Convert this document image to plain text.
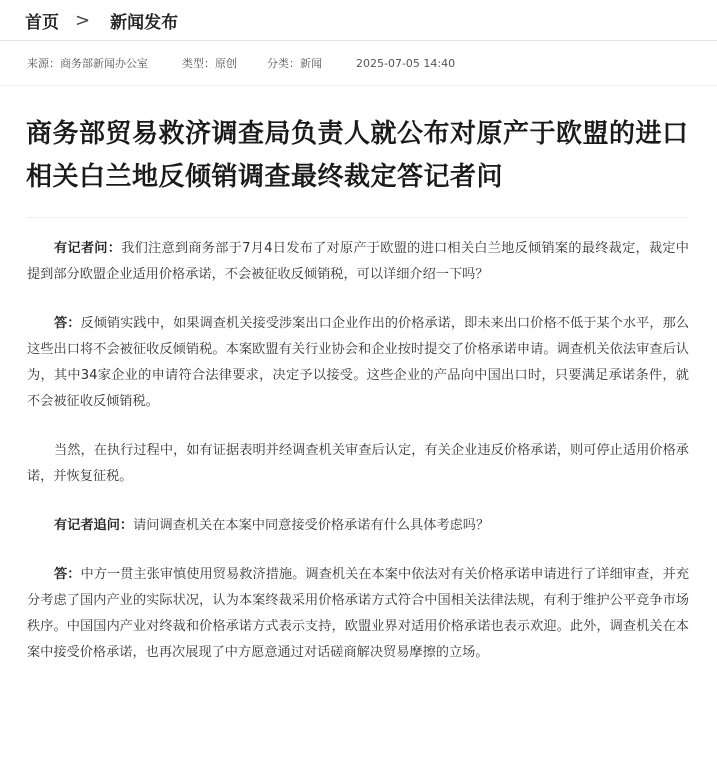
首页 > 新闻发布
来源：商务部新闻办公室	类型：原创	分类：新闻	2025-07-05 14:40
商务部贸易救济调查局负责人就公布对原产于欧盟的进口相关白兰地反倾销调查最终裁定答记者问

有记者问：我们注意到商务部于7月4日发布了对原产于欧盟的进口相关白兰地反倾销案的最终裁定，裁定中提到部分欧盟企业适用价格承诺，不会被征收反倾销税，可以详细介绍一下吗？

答：反倾销实践中，如果调查机关接受涉案出口企业作出的价格承诺，即未来出口价格不低于某个水平，那么这些出口将不会被征收反倾销税。本案欧盟有关行业协会和企业按时提交了价格承诺申请。调查机关依法审查后认为，其中34家企业的申请符合法律要求，决定予以接受。这些企业的产品向中国出口时，只要满足承诺条件，就不会被征收反倾销税。

当然，在执行过程中，如有证据表明并经调查机关审查后认定，有关企业违反价格承诺，则可停止适用价格承诺，并恢复征税。

有记者追问：请问调查机关在本案中同意接受价格承诺有什么具体考虑吗？

答：中方一贯主张审慎使用贸易救济措施。调查机关在本案中依法对有关价格承诺申请进行了详细审查，并充分考虑了国内产业的实际状况，认为本案终裁采用价格承诺方式符合中国相关法律法规，有利于维护公平竞争市场秩序。中国国内产业对终裁和价格承诺方式表示支持，欧盟业界对适用价格承诺也表示欢迎。此外，调查机关在本案中接受价格承诺，也再次展现了中方愿意通过对话磋商解决贸易摩擦的立场。
